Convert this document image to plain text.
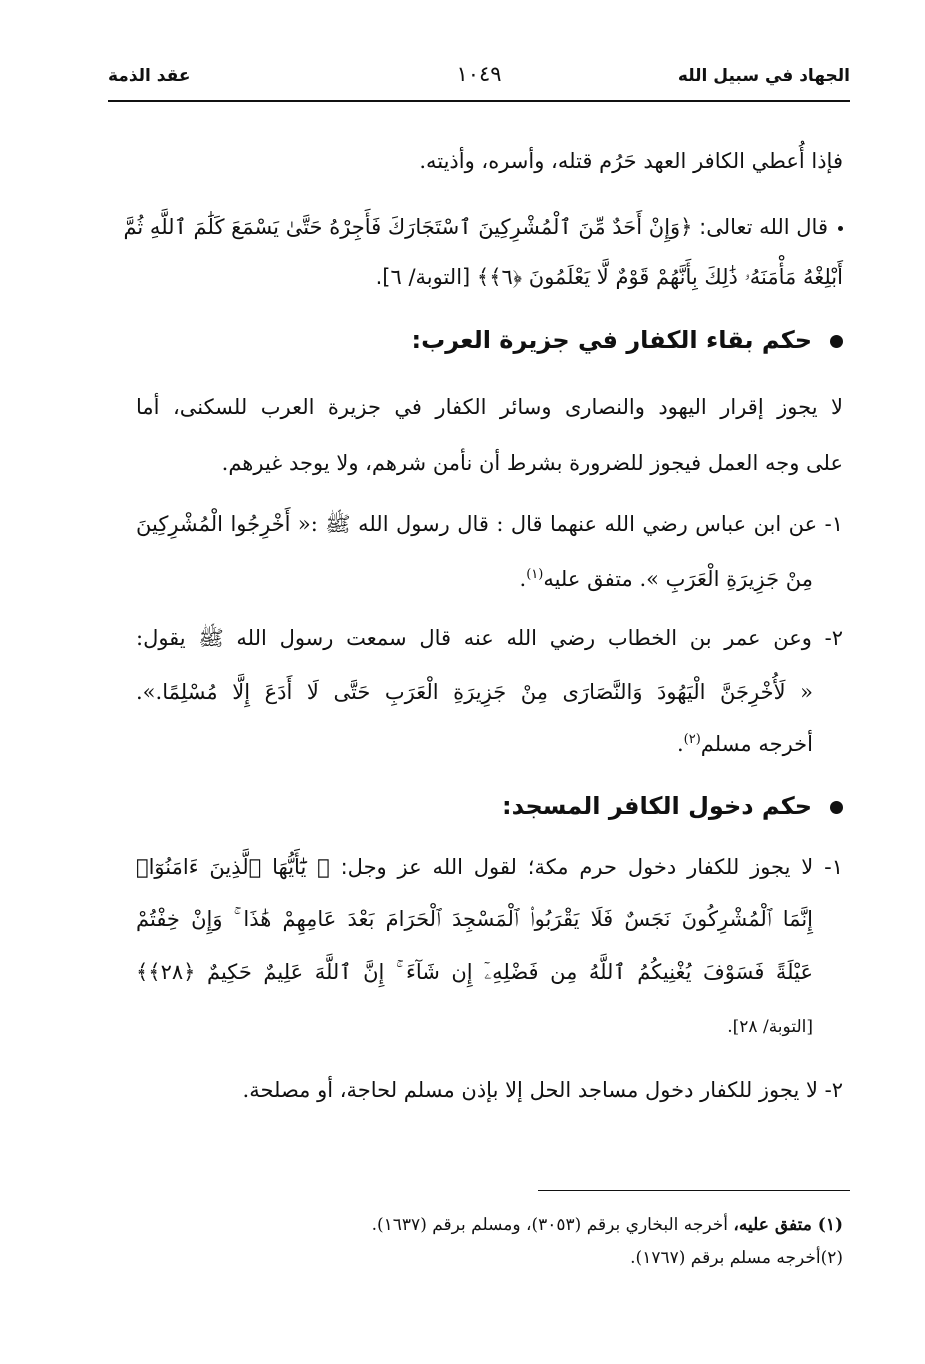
الجهاد في سبيل الله
١٠٤٩
عقد الذمة
فإذا أُعطي الكافر العهد حَرُم قتله، وأسره، وأذيته.
قال الله تعالى: ﴿وَإِنْ أَحَدٌ مِّنَ ٱلْمُشْرِكِينَ ٱسْتَجَارَكَ فَأَجِرْهُ حَتَّىٰ يَسْمَعَ كَلَٰمَ ٱللَّهِ ثُمَّ
أَبْلِغْهُ مَأْمَنَهُۥ ذَٰلِكَ بِأَنَّهُمْ قَوْمٌ لَّا يَعْلَمُونَ ﴿٦﴾﴾ [التوبة/ ٦].
حكم بقاء الكفار في جزيرة العرب:
لا يجوز إقرار اليهود والنصارى وسائر الكفار في جزيرة العرب للسكنى، أما
على وجه العمل فيجوز للضرورة بشرط أن نأمن شرهم، ولا يوجد غيرهم.
١- عن ابن عباس رضي الله عنهما قال : قال رسول الله ﷺ :« أَخْرِجُوا الْمُشْرِكِينَ
مِنْ جَزِيرَةِ الْعَرَبِ ». متفق عليه$^{(١)}$.
٢- وعن عمر بن الخطاب رضي الله عنه قال سمعت رسول الله ﷺ يقول:
« لَأُخْرِجَنَّ الْيَهُودَ وَالنَّصَارَى مِنْ جَزِيرَةِ الْعَرَبِ حَتَّى لَا أَدَعَ إِلَّا مُسْلِمًا.».
أخرجه مسلم$^{(٢)}$.
حكم دخول الكافر المسجد:
١- لا يجوز للكفار دخول حرم مكة؛ لقول الله عز وجل: ﴿ يَٰٓأَيُّهَا ٱلَّذِينَ ءَامَنُوٓا۟
إِنَّمَا ٱلْمُشْرِكُونَ نَجَسٌ فَلَا يَقْرَبُوا۟ ٱلْمَسْجِدَ ٱلْحَرَامَ بَعْدَ عَامِهِمْ هَٰذَا ۚ وَإِنْ خِفْتُمْ
عَيْلَةً فَسَوْفَ يُغْنِيكُمُ ٱللَّهُ مِن فَضْلِهِۦٓ إِن شَآءَ ۚ إِنَّ ٱللَّهَ عَلِيمٌ حَكِيمٌ ﴿٢٨﴾﴾
[التوبة/ ٢٨].
٢- لا يجوز للكفار دخول مساجد الحل إلا بإذن مسلم لحاجة، أو مصلحة.
(١) متفق عليه، أخرجه البخاري برقم (٣٠٥٣)، ومسلم برقم (١٦٣٧).
(٢)أخرجه مسلم برقم (١٧٦٧).
